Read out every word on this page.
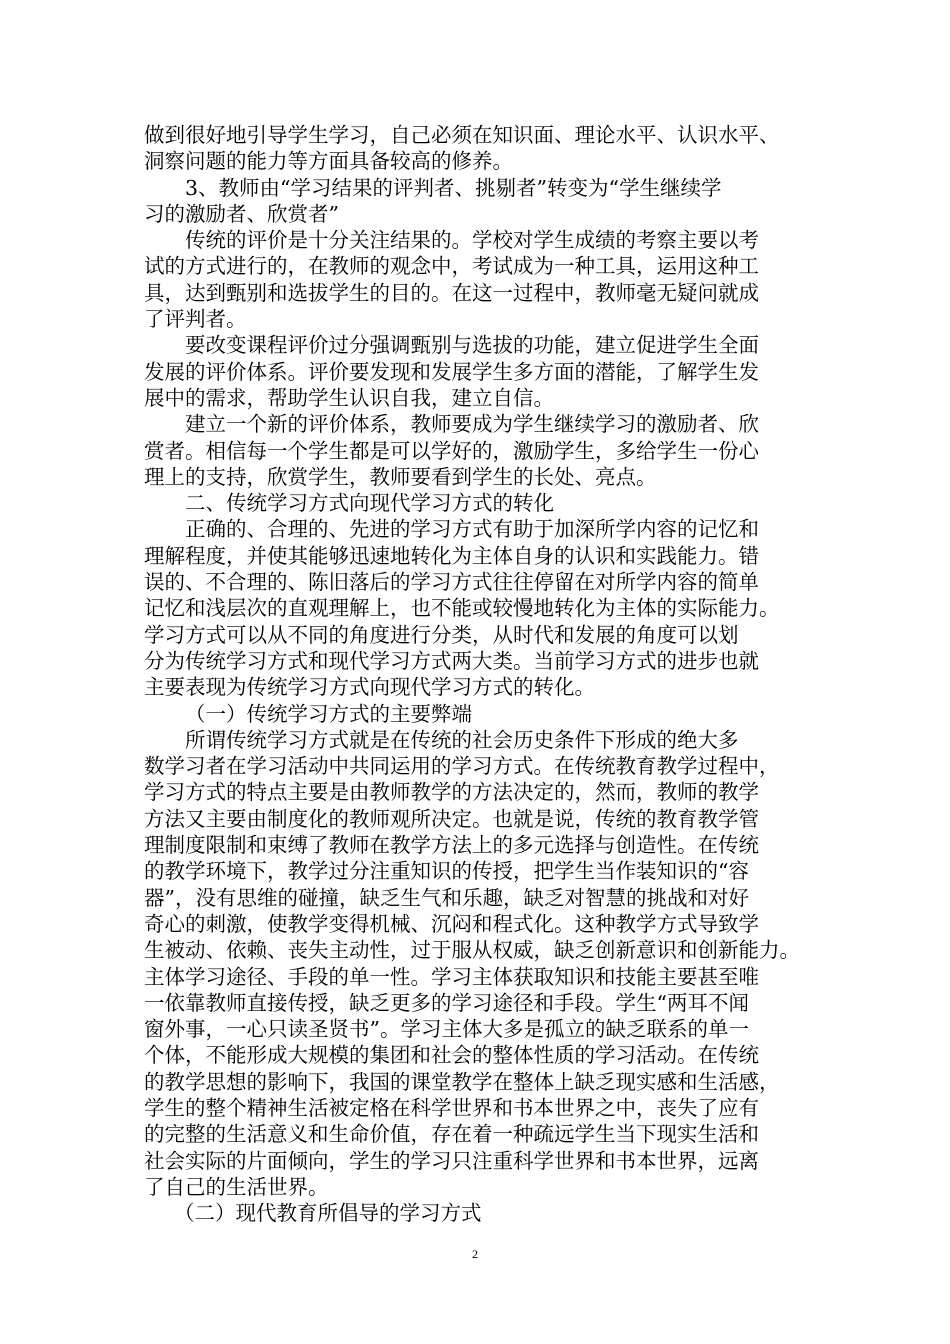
做到很好地引导学生学习，自己必须在知识面、理论水平、认识水平、
洞察问题的能力等方面具备较高的修养。
3、教师由“学习结果的评判者、挑剔者”转变为“学生继续学
习的激励者、欣赏者”
传统的评价是十分关注结果的。学校对学生成绩的考察主要以考
试的方式进行的，在教师的观念中，考试成为一种工具，运用这种工
具，达到甄别和选拔学生的目的。在这一过程中，教师毫无疑问就成
了评判者。
要改变课程评价过分强调甄别与选拔的功能，建立促进学生全面
发展的评价体系。评价要发现和发展学生多方面的潜能，了解学生发
展中的需求，帮助学生认识自我，建立自信。
建立一个新的评价体系，教师要成为学生继续学习的激励者、欣
赏者。相信每一个学生都是可以学好的，激励学生，多给学生一份心
理上的支持，欣赏学生，教师要看到学生的长处、亮点。
二、传统学习方式向现代学习方式的转化
正确的、合理的、先进的学习方式有助于加深所学内容的记忆和
理解程度，并使其能够迅速地转化为主体自身的认识和实践能力。错
误的、不合理的、陈旧落后的学习方式往往停留在对所学内容的简单
记忆和浅层次的直观理解上，也不能或较慢地转化为主体的实际能力。
学习方式可以从不同的角度进行分类，从时代和发展的角度可以划
分为传统学习方式和现代学习方式两大类。当前学习方式的进步也就
主要表现为传统学习方式向现代学习方式的转化。
（一）传统学习方式的主要弊端
所谓传统学习方式就是在传统的社会历史条件下形成的绝大多
数学习者在学习活动中共同运用的学习方式。在传统教育教学过程中，
学习方式的特点主要是由教师教学的方法决定的，然而，教师的教学
方法又主要由制度化的教师观所决定。也就是说，传统的教育教学管
理制度限制和束缚了教师在教学方法上的多元选择与创造性。在传统
的教学环境下，教学过分注重知识的传授，把学生当作装知识的“容
器”，没有思维的碰撞，缺乏生气和乐趣，缺乏对智慧的挑战和对好
奇心的刺激，使教学变得机械、沉闷和程式化。这种教学方式导致学
生被动、依赖、丧失主动性，过于服从权威，缺乏创新意识和创新能力。
主体学习途径、手段的单一性。学习主体获取知识和技能主要甚至唯
一依靠教师直接传授，缺乏更多的学习途径和手段。学生“两耳不闻
窗外事，一心只读圣贤书”。学习主体大多是孤立的缺乏联系的单一
个体，不能形成大规模的集团和社会的整体性质的学习活动。在传统
的教学思想的影响下，我国的课堂教学在整体上缺乏现实感和生活感，
学生的整个精神生活被定格在科学世界和书本世界之中，丧失了应有
的完整的生活意义和生命价值，存在着一种疏远学生当下现实生活和
社会实际的片面倾向，学生的学习只注重科学世界和书本世界，远离
了自己的生活世界。
（二）现代教育所倡导的学习方式
2
